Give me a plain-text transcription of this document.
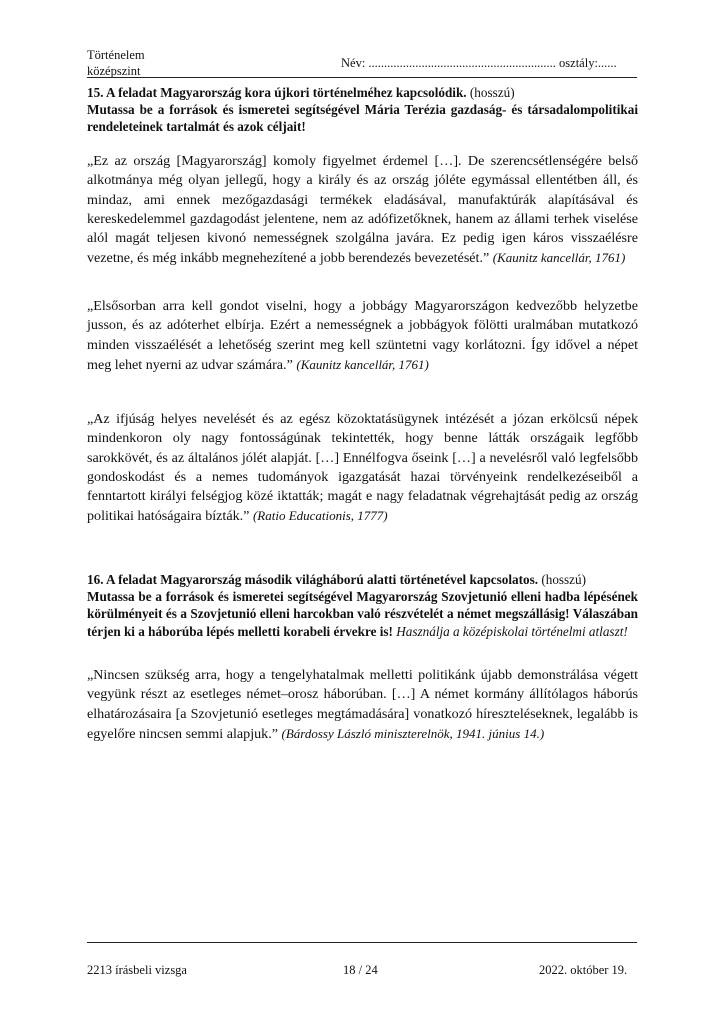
Történelem
középszint
Név: ............................................................ osztály:......
15. A feladat Magyarország kora újkori történelméhez kapcsolódik. (hosszú)
Mutassa be a források és ismeretei segítségével Mária Terézia gazdaság- és társadalompolitikai rendeleteinek tartalmát és azok céljait!
„Ez az ország [Magyarország] komoly figyelmet érdemel […]. De szerencsétlenségére belső alkotmánya még olyan jellegű, hogy a király és az ország jóléte egymással ellentétben áll, és mindaz, ami ennek mezőgazdasági termékek eladásával, manufaktúrák alapításával és kereskedelemmel gazdagodást jelentene, nem az adófizetőknek, hanem az állami terhek viselése alól magát teljesen kivonó nemességnek szolgálna javára. Ez pedig igen káros visszaélésre vezetne, és még inkább megnehezítené a jobb berendezés bevezetését.” (Kaunitz kancellár, 1761)
„Elsősorban arra kell gondot viselni, hogy a jobbágy Magyarországon kedvezőbb helyzetbe jusson, és az adóterhet elbírja. Ezért a nemességnek a jobbágyok fölötti uralmában mutatkozó minden visszaélését a lehetőség szerint meg kell szüntetni vagy korlátozni. Így idővel a népet meg lehet nyerni az udvar számára.” (Kaunitz kancellár, 1761)
„Az ifjúság helyes nevelését és az egész közoktatásügynek intézését a józan erkölcsű népek mindenkoron oly nagy fontosságúnak tekintették, hogy benne látták országaik legfőbb sarokkövét, és az általános jólét alapját. […] Ennélfogva őseink […] a nevelésről való legfelsőbb gondoskodást és a nemes tudományok igazgatását hazai törvényeink rendelkezéseiből a fenntartott királyi felségjog közé iktatták; magát e nagy feladatnak végrehajtását pedig az ország politikai hatóságaira bízták.” (Ratio Educationis, 1777)
16. A feladat Magyarország második világháború alatti történetével kapcsolatos. (hosszú)
Mutassa be a források és ismeretei segítségével Magyarország Szovjetunió elleni hadba lépésének körülményeit és a Szovjetunió elleni harcokban való részvételét a német megszállásig! Válaszában térjen ki a háborúba lépés melletti korabeli érvekre is! Használja a középiskolai történelmi atlaszt!
„Nincsen szükség arra, hogy a tengelyhatalmak melletti politikánk újabb demonstrálása végett vegyünk részt az esetleges német–orosz háborúban. […] A német kormány állítólagos háborús elhatározásaira [a Szovjetunió esetleges megtámadására] vonatkozó híreszteléseknek, legalább is egyelőre nincsen semmi alapjuk.” (Bárdossy László miniszterelnök, 1941. június 14.)
2213 írásbeli vizsga	18 / 24	2022. október 19.
